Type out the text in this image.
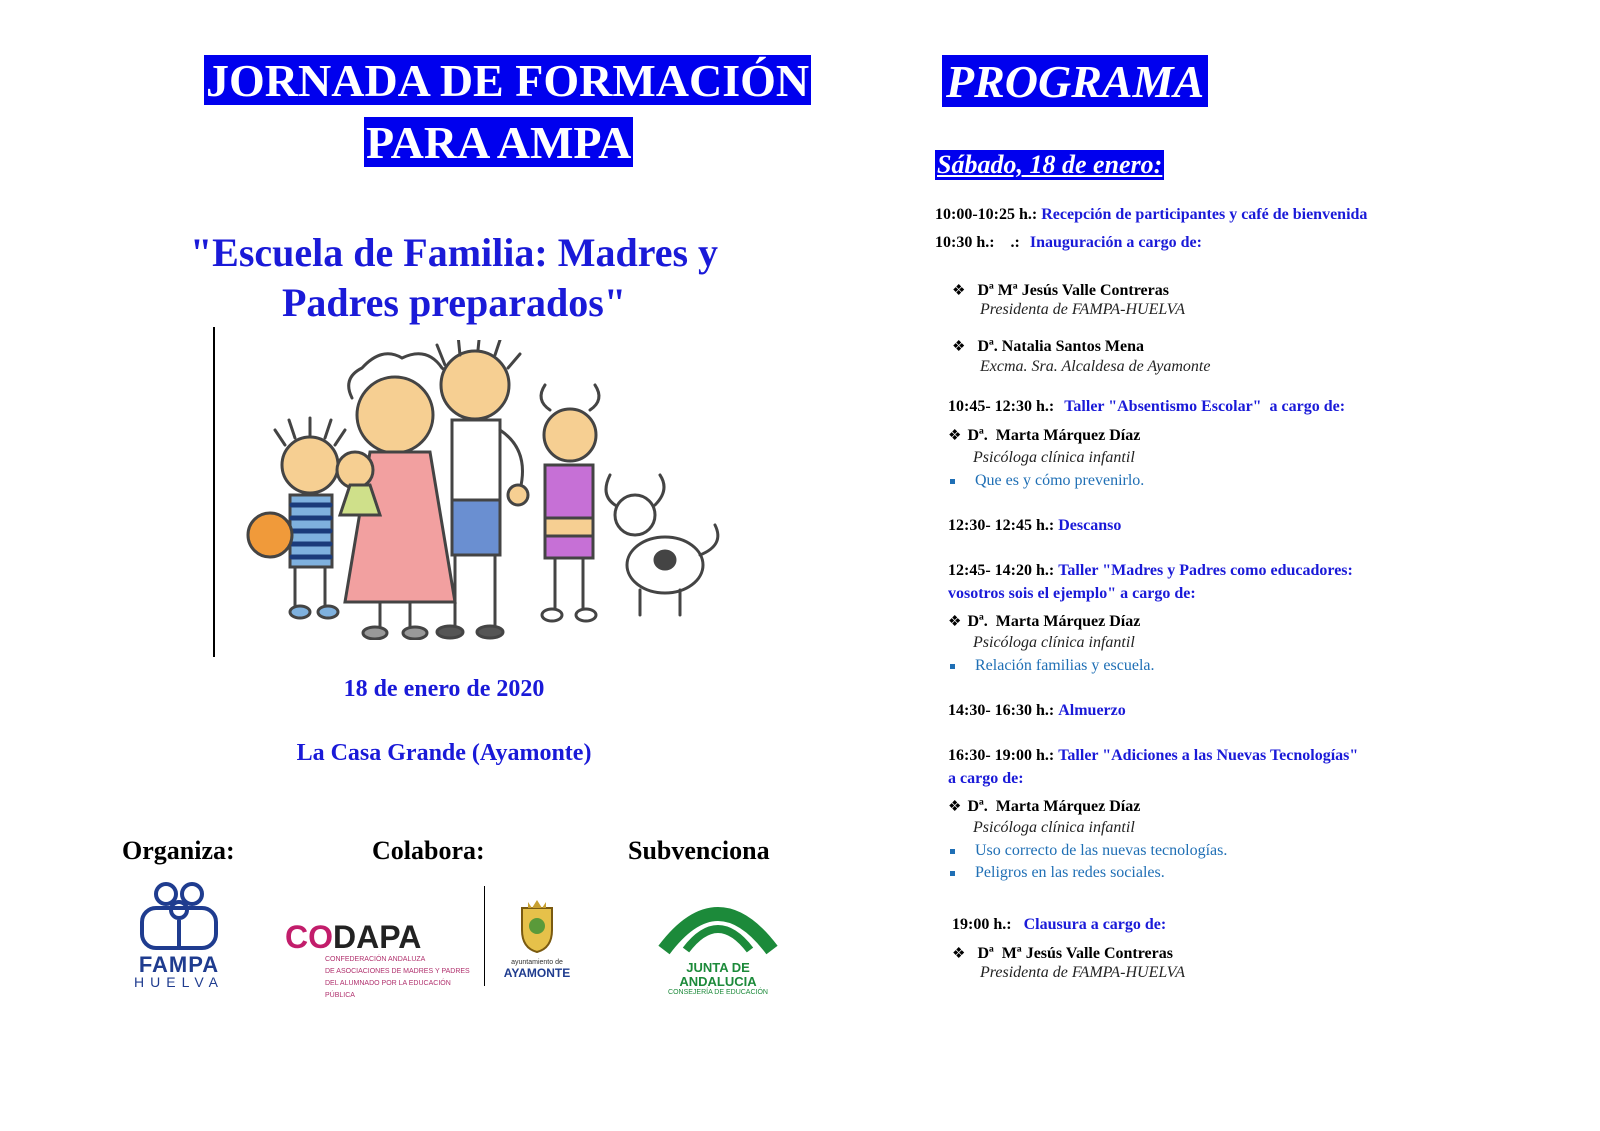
JORNADA DE FORMACIÓN
PARA AMPA
"Escuela de Familia: Madres y
Padres preparados"
18 de enero de 2020
La Casa Grande (Ayamonte)
Organiza:	Colabora:	Subvenciona
FAMPA
HUELVA
CODAPA
CONFEDERACIÓN ANDALUZA
DE ASOCIACIONES DE MADRES Y PADRES
DEL ALUMNADO POR LA EDUCACIÓN PÚBLICA
ayuntamiento de
AYAMONTE	JUNTA DE ANDALUCIA
CONSEJERÍA DE EDUCACIÓN
PROGRAMA
Sábado, 18 de enero:
10:00-10:25 h.: Recepción de participantes y café de bienvenida
10:30 h.:    .: Inauguración a cargo de:
❖ Dª Mª Jesús Valle Contreras
Presidenta de FAMPA-HUELVA
❖ Dª. Natalia Santos Mena
Excma. Sra. Alcaldesa de Ayamonte
10:45- 12:30 h.: Taller "Absentismo Escolar"  a cargo de:
❖ Dª.  Marta Márquez Díaz
Psicóloga clínica infantil
Que es y cómo prevenirlo.
12:30- 12:45 h.: Descanso
12:45- 14:20 h.: Taller "Madres y Padres como educadores:
vosotros sois el ejemplo" a cargo de:
❖ Dª.  Marta Márquez Díaz
Psicóloga clínica infantil
Relación familias y escuela.
14:30- 16:30 h.: Almuerzo
16:30- 19:00 h.: Taller "Adiciones a las Nuevas Tecnologías"
a cargo de:
❖ Dª.  Marta Márquez Díaz
Psicóloga clínica infantil
Uso correcto de las nuevas tecnologías.
Peligros en las redes sociales.
19:00 h.: Clausura a cargo de:
❖ Dª  Mª Jesús Valle Contreras
Presidenta de FAMPA-HUELVA
